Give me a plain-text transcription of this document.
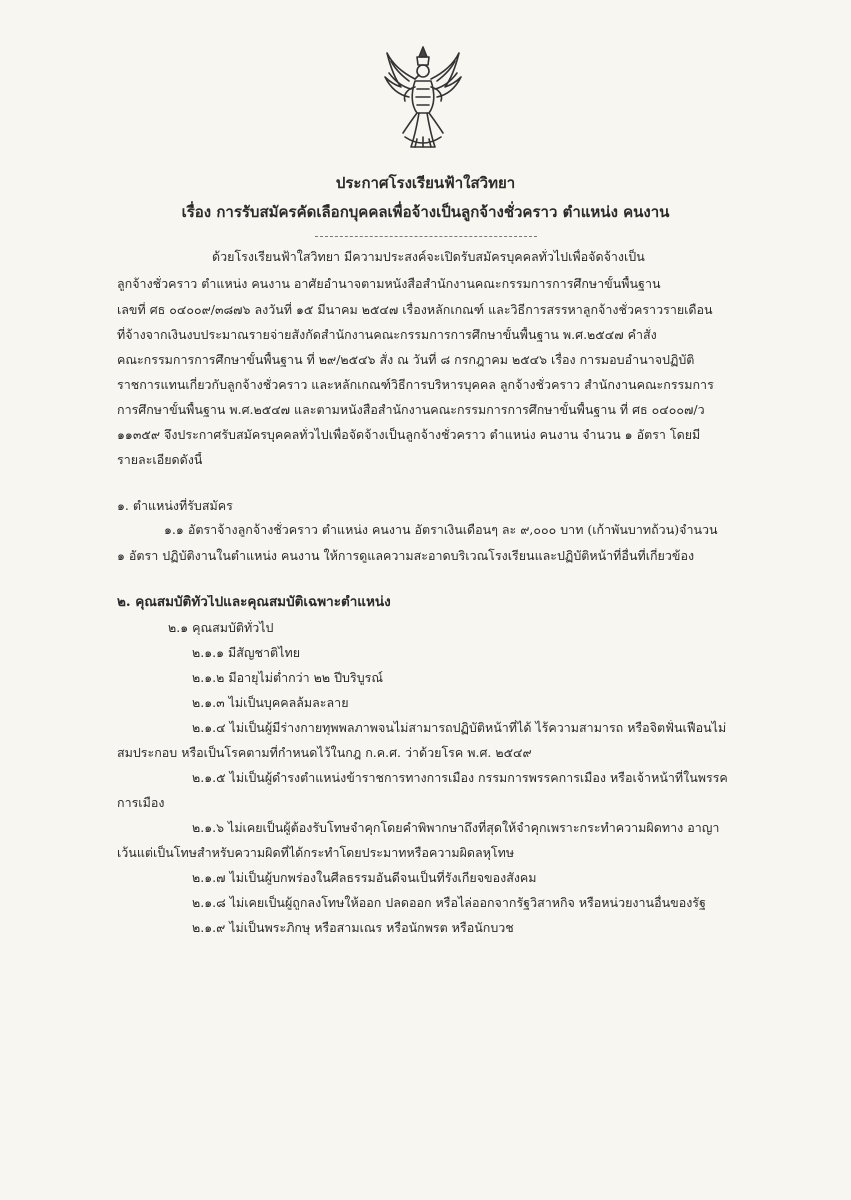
ประกาศโรงเรียนฟ้าใสวิทยา
เรื่อง การรับสมัครคัดเลือกบุคคลเพื่อจ้างเป็นลูกจ้างชั่วคราว ตำแหน่ง คนงาน
ด้วยโรงเรียนฟ้าใสวิทยา มีความประสงค์จะเปิดรับสมัครบุคคลทั่วไปเพื่อจัดจ้างเป็น
ลูกจ้างชั่วคราว ตำแหน่ง คนงาน อาศัยอำนาจตามหนังสือสำนักงานคณะกรรมการการศึกษาขั้นพื้นฐาน
เลขที่ ศธ ๐๔๐๐๙/๓๘๗๖ ลงวันที่ ๑๕ มีนาคม ๒๕๔๗ เรื่องหลักเกณฑ์ และวิธีการสรรหาลูกจ้างชั่วคราวรายเดือน
ที่จ้างจากเงินงบประมาณรายจ่ายสังกัดสำนักงานคณะกรรมการการศึกษาขั้นพื้นฐาน พ.ศ.๒๕๔๗ คำสั่ง
คณะกรรมการการศึกษาขั้นพื้นฐาน ที่ ๒๙/๒๕๔๖ สั่ง ณ วันที่ ๘ กรกฎาคม ๒๕๔๖ เรื่อง การมอบอำนาจปฏิบัติ
ราชการแทนเกี่ยวกับลูกจ้างชั่วคราว และหลักเกณฑ์วิธีการบริหารบุคคล ลูกจ้างชั่วคราว สำนักงานคณะกรรมการ
การศึกษาขั้นพื้นฐาน พ.ศ.๒๕๔๗ และตามหนังสือสำนักงานคณะกรรมการการศึกษาขั้นพื้นฐาน ที่ ศธ ๐๔๐๐๗/ว
๑๑๓๕๙ จึงประกาศรับสมัครบุคคลทั่วไปเพื่อจัดจ้างเป็นลูกจ้างชั่วคราว ตำแหน่ง คนงาน จำนวน ๑ อัตรา โดยมี
รายละเอียดดังนี้
๑. ตำแหน่งที่รับสมัคร
๑.๑ อัตราจ้างลูกจ้างชั่วคราว ตำแหน่ง คนงาน อัตราเงินเดือนๆ ละ ๙,๐๐๐ บาท (เก้าพันบาทถ้วน)จำนวน
๑ อัตรา ปฏิบัติงานในตำแหน่ง คนงาน ให้การดูแลความสะอาดบริเวณโรงเรียนและปฏิบัติหน้าที่อื่นที่เกี่ยวข้อง
๒. คุณสมบัติทั่วไปและคุณสมบัติเฉพาะตำแหน่ง
๒.๑ คุณสมบัติทั่วไป
๒.๑.๑ มีสัญชาติไทย
๒.๑.๒ มีอายุไม่ต่ำกว่า ๒๒ ปีบริบูรณ์
๒.๑.๓ ไม่เป็นบุคคลล้มละลาย
๒.๑.๔ ไม่เป็นผู้มีร่างกายทุพพลภาพจนไม่สามารถปฏิบัติหน้าที่ได้ ไร้ความสามารถ หรือจิตฟั่นเฟือนไม่
สมประกอบ หรือเป็นโรคตามที่กำหนดไว้ในกฎ ก.ค.ศ. ว่าด้วยโรค พ.ศ. ๒๕๔๙
๒.๑.๕ ไม่เป็นผู้ดำรงตำแหน่งข้าราชการทางการเมือง กรรมการพรรคการเมือง หรือเจ้าหน้าที่ในพรรค
การเมือง
๒.๑.๖ ไม่เคยเป็นผู้ต้องรับโทษจำคุกโดยคำพิพากษาถึงที่สุดให้จำคุกเพราะกระทำความผิดทาง อาญา
เว้นแต่เป็นโทษสำหรับความผิดที่ได้กระทำโดยประมาทหรือความผิดลหุโทษ
๒.๑.๗ ไม่เป็นผู้บกพร่องในศีลธรรมอันดีจนเป็นที่รังเกียจของสังคม
๒.๑.๘ ไม่เคยเป็นผู้ถูกลงโทษให้ออก ปลดออก หรือไล่ออกจากรัฐวิสาหกิจ หรือหน่วยงานอื่นของรัฐ
๒.๑.๙ ไม่เป็นพระภิกษุ หรือสามเณร หรือนักพรต หรือนักบวช
